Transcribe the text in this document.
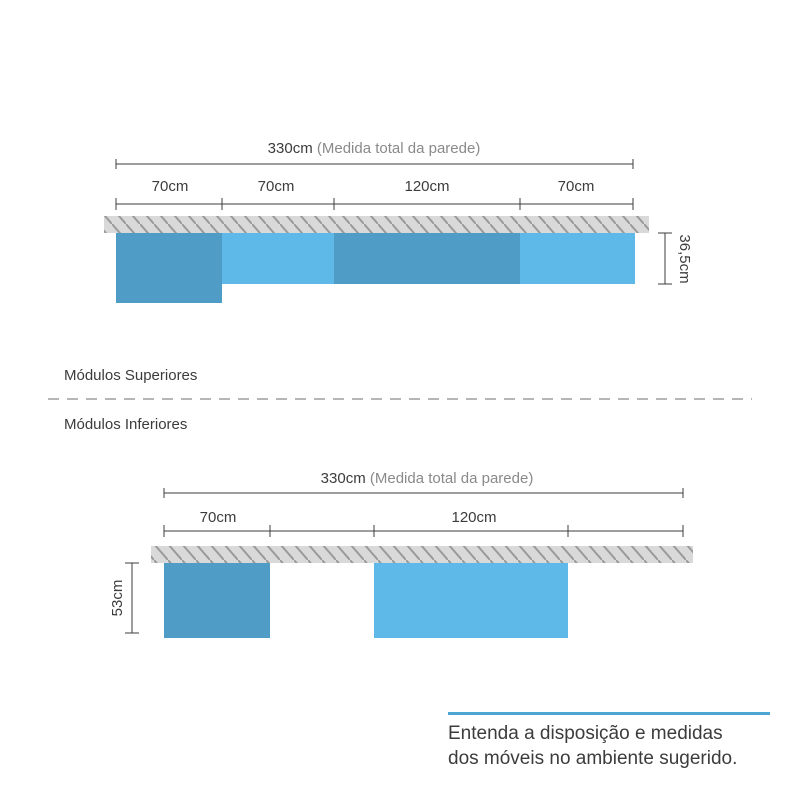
330cm (Medida total da parede)
70cm	70cm	120cm	70cm
36,5cm
330cm (Medida total da parede)
70cm	120cm
53cm
Módulos Superiores
Módulos Inferiores
Entenda a disposição e medidas
dos móveis no ambiente sugerido.
